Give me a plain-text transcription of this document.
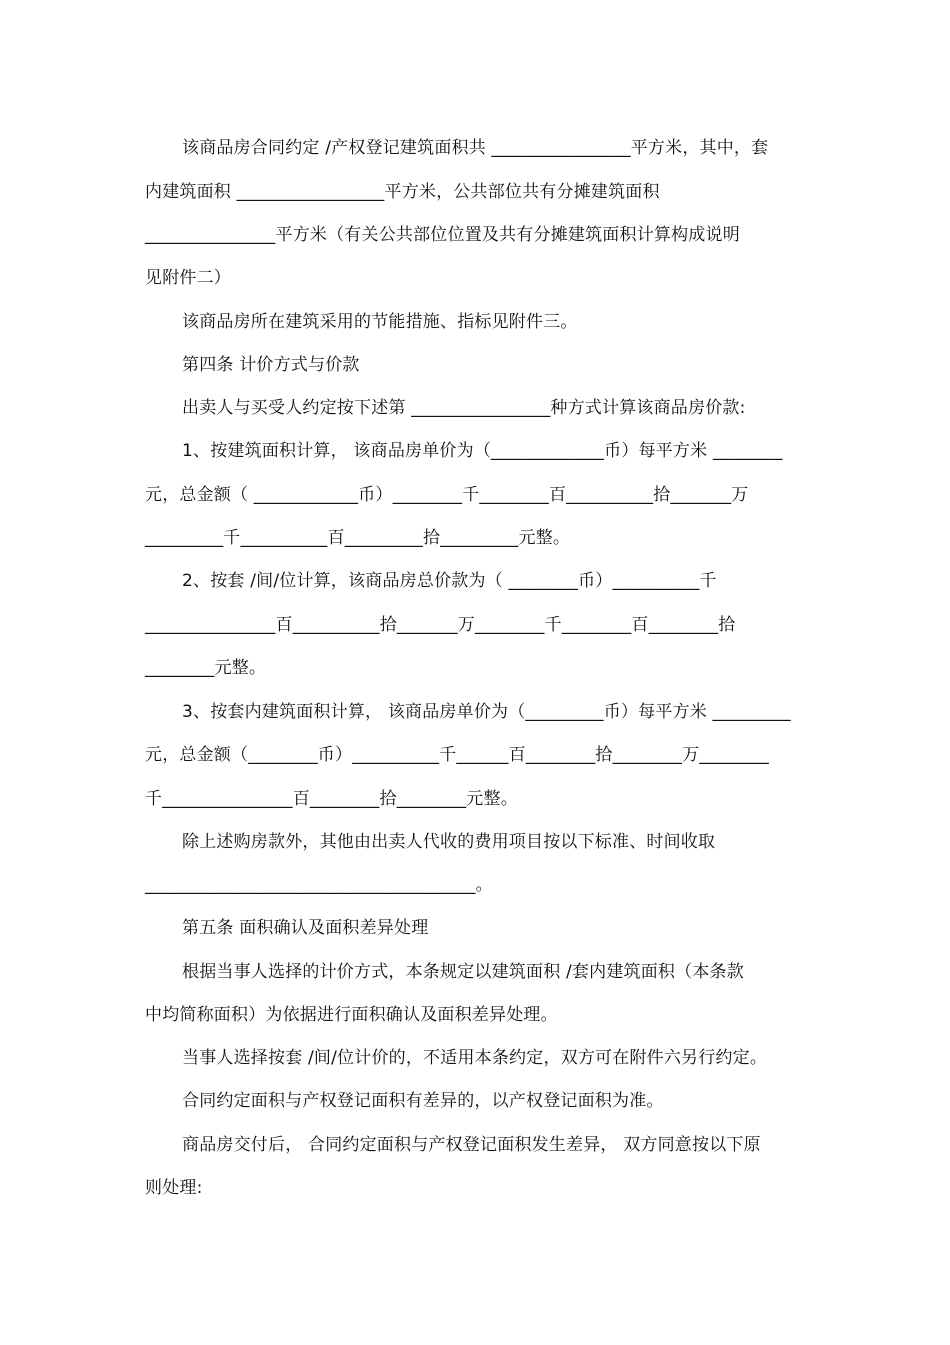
该商品房合同约定 /产权登记建筑面积共 ________________平方米，其中，套
内建筑面积 _________________平方米，公共部位共有分摊建筑面积
_______________平方米（有关公共部位位置及共有分摊建筑面积计算构成说明
见附件二）
该商品房所在建筑采用的节能措施、指标见附件三。
第四条 计价方式与价款
出卖人与买受人约定按下述第 ________________种方式计算该商品房价款:
1、按建筑面积计算， 该商品房单价为（_____________币）每平方米 ________
元，总金额（ ____________币）________千________百__________拾_______万
_________千__________百_________拾_________元整。
2、按套 /间/位计算，该商品房总价款为（ ________币）__________千
_______________百__________拾_______万________千________百________拾
________元整。
3、按套内建筑面积计算， 该商品房单价为（_________币）每平方米 _________
元，总金额（________币）__________千______百________拾________万________
千_______________百________拾________元整。
除上述购房款外，其他由出卖人代收的费用项目按以下标准、时间收取
______________________________________。
第五条 面积确认及面积差异处理
根据当事人选择的计价方式，本条规定以建筑面积 /套内建筑面积（本条款
中均简称面积）为依据进行面积确认及面积差异处理。
当事人选择按套 /间/位计价的，不适用本条约定，双方可在附件六另行约定。
合同约定面积与产权登记面积有差异的，以产权登记面积为准。
商品房交付后， 合同约定面积与产权登记面积发生差异， 双方同意按以下原
则处理:
